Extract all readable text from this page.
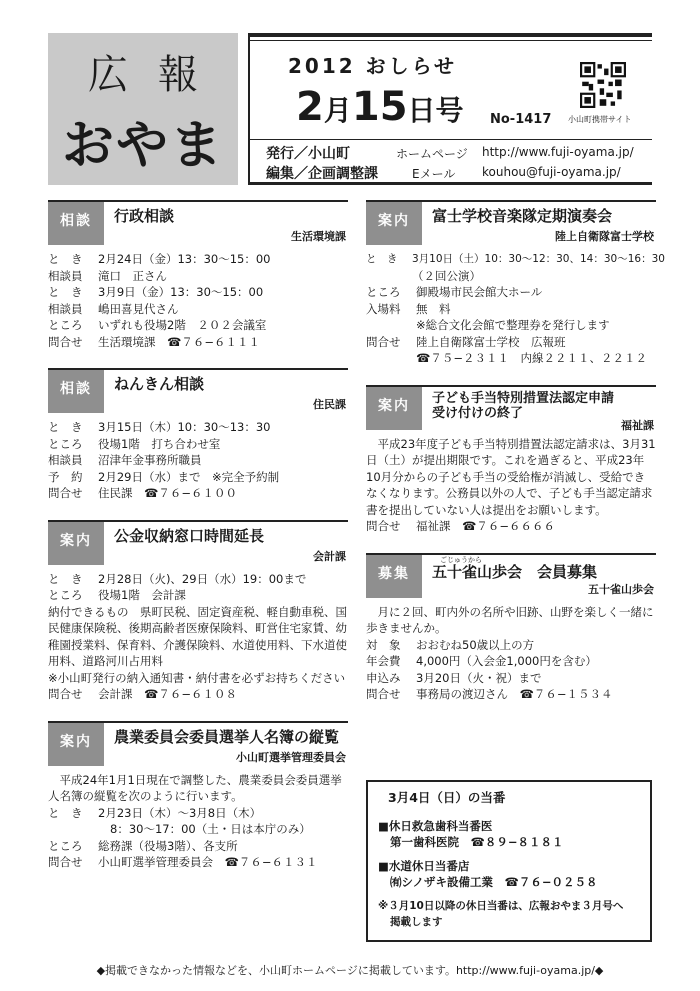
広報
おやま
2012 おしらせ
2月15日号 No-1417 小山町携帯サイト
発行／小山町
編集／企画調整課
ホームページ http://www.fuji-oyama.jp/
Eメール kouhou@fuji-oyama.jp/
相談	行政相談
生活環境課
と　き	2月24日（金）13：30〜15：00
相談員	滝口　正さん
と　き	3月9日（金）13：30〜15：00
相談員	嶋田喜見代さん
ところ	いずれも役場2階　２０２会議室
問合せ	生活環境課　☎７６−６１１１
相談	ねんきん相談
住民課
と　き	3月15日（木）10：30〜13：30
ところ	役場1階　打ち合わせ室
相談員	沼津年金事務所職員
予　約	2月29日（水）まで　※完全予約制
問合せ	住民課　☎７６−６１００
案内	公金収納窓口時間延長
会計課
と　き	2月28日（火)、29日（水）19：00まで
ところ	役場1階　会計課
納付できるもの　県町民税、固定資産税、軽自動車税、国民健康保険税、後期高齢者医療保険料、町営住宅家賃、幼稚園授業料、保育料、介護保険料、水道使用料、下水道使用料、道路河川占用料
※小山町発行の納入通知書・納付書を必ずお持ちください
問合せ	会計課　☎７６−６１０８
案内	農業委員会委員選挙人名簿の縦覧
小山町選挙管理委員会
平成24年1月1日現在で調整した、農業委員会委員選挙人名簿の縦覧を次のように行います。
と　き	2月23日（木）〜3月8日（木）
8：30〜17：00（土・日は本庁のみ）
ところ	総務課（役場3階）、各支所
問合せ	小山町選挙管理委員会　☎７６−６１３１
案内	富士学校音楽隊定期演奏会
陸上自衛隊富士学校
と　き	3月10日（土）10：30〜12：30、14：30〜16：30
（２回公演）
ところ	御殿場市民会館大ホール
入場料	無　料
※総合文化会館で整理券を発行します
問合せ	陸上自衛隊富士学校　広報班
☎７５−２３１１　内線２２１１、２２１２
案内	子ども手当特別措置法認定申請
受け付けの終了
福祉課
平成23年度子ども手当特別措置法認定請求は、3月31日（土）が提出期限です。これを過ぎると、平成23年10月分からの子ども手当の受給権が消滅し、受給できなくなります。公務員以外の人で、子ども手当認定請求書を提出していない人は提出をお願いします。
問合せ	福祉課　☎７６−６６６６
募集
ごじゅうから
五十雀山歩会　会員募集
五十雀山歩会
月に２回、町内外の名所や旧跡、山野を楽しく一緒に歩きませんか。
対　象	おおむね50歳以上の方
年会費	4,000円（入会金1,000円を含む）
申込み	3月20日（火・祝）まで
問合せ	事務局の渡辺さん　☎７６−１５３４

3月4日（日）の当番

■休日救急歯科当番医

第一歯科医院　☎８９−８１８１

■水道休日当番店

㈲シノザキ設備工業　☎７６−０２５８

※３月10日以降の休日当番は、広報おやま３月号へ

掲載します

◆掲載できなかった情報などを、小山町ホームページに掲載しています。http://www.fuji-oyama.jp/◆
